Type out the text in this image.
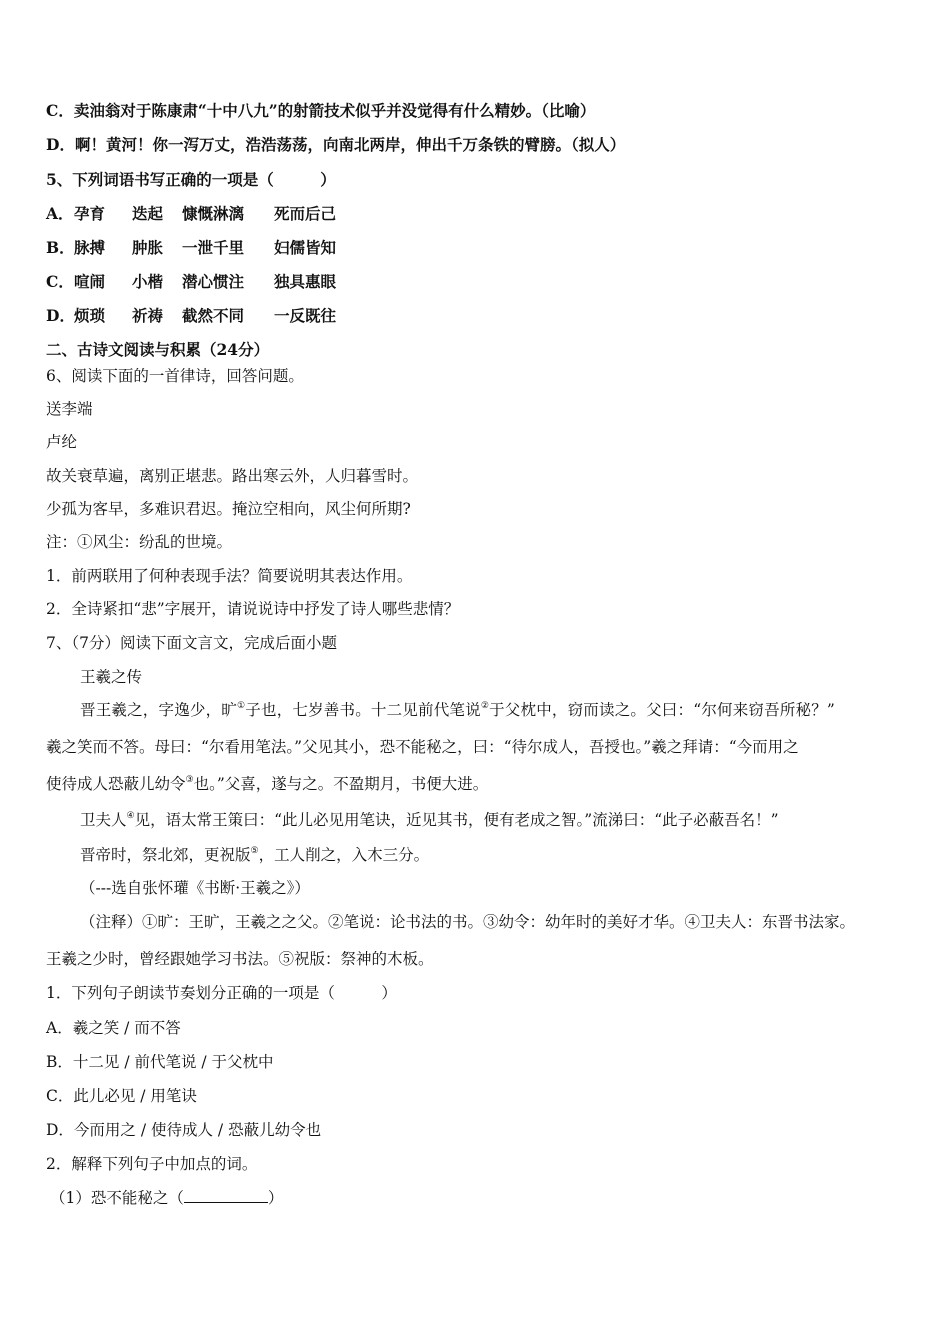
C．卖油翁对于陈康肃“十中八九”的射箭技术似乎并没觉得有什么精妙。（比喻）
D．啊！黄河！你一泻万丈，浩浩荡荡，向南北两岸，伸出千万条铁的臂膀。（拟人）
5、下列词语书写正确的一项是（　　　）
A．孕育 迭起 慷慨淋漓 死而后己
B．脉搏 肿胀 一泄千里 妇儒皆知
C．喧闹 小楷 潜心惯注 独具惠眼
D．烦琐 祈祷 截然不同 一反既往
二、古诗文阅读与积累（24分）
6、阅读下面的一首律诗，回答问题。
送李端
卢纶
故关衰草遍，离别正堪悲。路出寒云外，人归暮雪时。
少孤为客早，多难识君迟。掩泣空相向，风尘何所期?
注：①风尘：纷乱的世境。
1．前两联用了何种表现手法？简要说明其表达作用。
2．全诗紧扣“悲”字展开，请说说诗中抒发了诗人哪些悲情？
7、（7分）阅读下面文言文，完成后面小题
王羲之传
晋王羲之，字逸少，旷①子也，七岁善书。十二见前代笔说②于父枕中，窃而读之。父曰：“尔何来窃吾所秘？”
羲之笑而不答。母曰：“尔看用笔法。”父见其小，恐不能秘之，曰：“待尔成人，吾授也。”羲之拜请：“今而用之
使待成人恐蔽儿幼令③也。”父喜，遂与之。不盈期月，书便大进。
卫夫人④见，语太常王策曰：“此儿必见用笔诀，近见其书，便有老成之智。”流涕曰：“此子必蔽吾名！”
晋帝时，祭北郊，更祝版⑤，工人削之，入木三分。
（---选自张怀瓘《书断·王羲之》）
（注释）①旷：王旷，王羲之之父。②笔说：论书法的书。③幼令：幼年时的美好才华。④卫夫人：东晋书法家。
王羲之少时，曾经跟她学习书法。⑤祝版：祭神的木板。
1．下列句子朗读节奏划分正确的一项是（　　　）
A．羲之笑 / 而不答
B．十二见 / 前代笔说 / 于父枕中
C．此儿必见 / 用笔诀
D．今而用之 / 使待成人 / 恐蔽儿幼令也
2．解释下列句子中加点的词。
（1）恐不能秘之（	）
